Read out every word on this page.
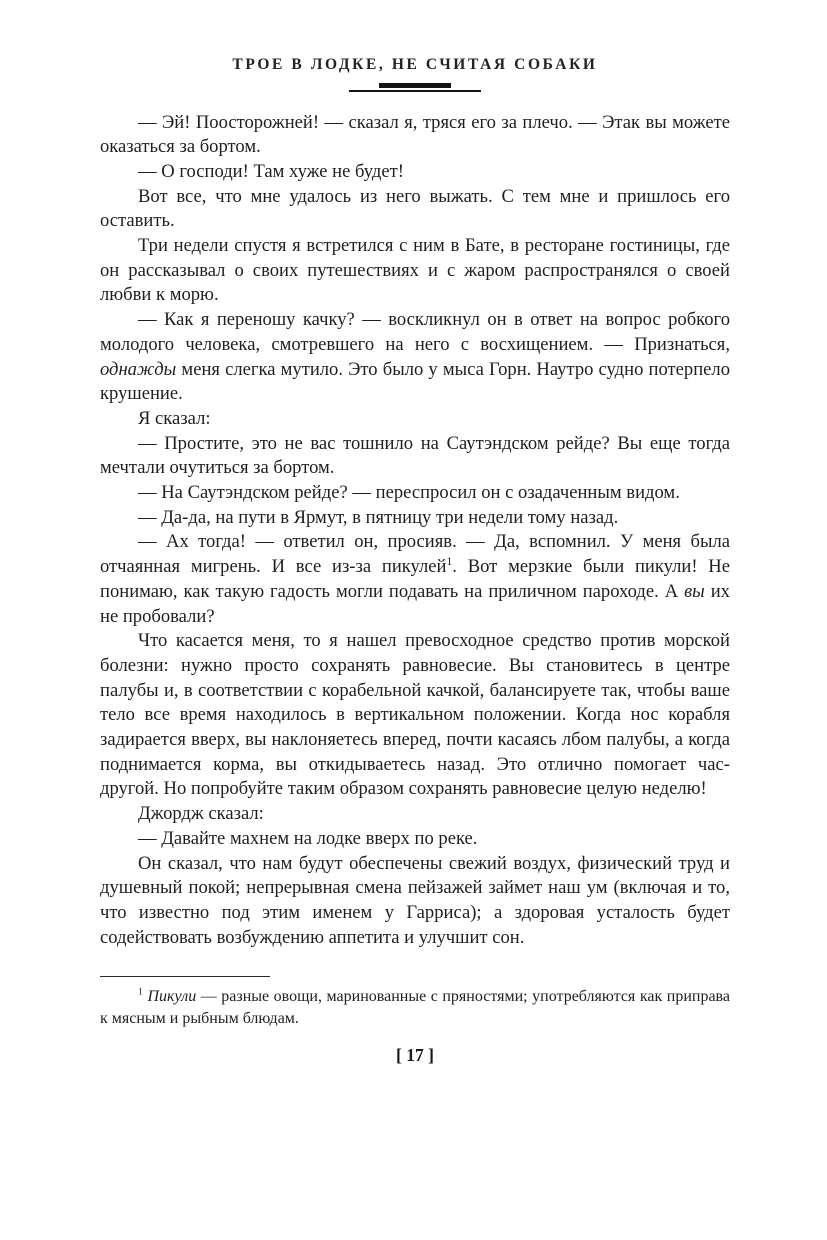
ТРОЕ В ЛОДКЕ, НЕ СЧИТАЯ СОБАКИ

— Эй! Поосторожней! — сказал я, тряся его за плечо. — Этак вы можете оказаться за бортом.

— О господи! Там хуже не будет!

Вот все, что мне удалось из него выжать. С тем мне и пришлось его оставить.

Три недели спустя я встретился с ним в Бате, в ресторане гостиницы, где он рассказывал о своих путешествиях и с жаром распространялся о своей любви к морю.

— Как я переношу качку? — воскликнул он в ответ на вопрос робкого молодого человека, смотревшего на него с восхищением. — Признаться, однажды меня слегка мутило. Это было у мыса Горн. Наутро судно потерпело крушение.

Я сказал:

— Простите, это не вас тошнило на Саутэндском рейде? Вы еще тогда мечтали очутиться за бортом.

— На Саутэндском рейде? — переспросил он с озадаченным видом.

— Да-да, на пути в Ярмут, в пятницу три недели тому назад.

— Ах тогда! — ответил он, просияв. — Да, вспомнил. У меня была отчаянная мигрень. И все из-за пикулей$^1$. Вот мерзкие были пикули! Не понимаю, как такую гадость могли подавать на приличном пароходе. А вы их не пробовали?

Что касается меня, то я нашел превосходное средство против морской болезни: нужно просто сохранять равновесие. Вы становитесь в центре палубы и, в соответствии с корабельной качкой, балансируете так, чтобы ваше тело все время находилось в вертикальном положении. Когда нос корабля задирается вверх, вы наклоняетесь вперед, почти касаясь лбом палубы, а когда поднимается корма, вы откидываетесь назад. Это отлично помогает час-другой. Но попробуйте таким образом сохранять равновесие целую неделю!

Джордж сказал:

— Давайте махнем на лодке вверх по реке.

Он сказал, что нам будут обеспечены свежий воздух, физический труд и душевный покой; непрерывная смена пейзажей займет наш ум (включая и то, что известно под этим именем у Гарриса); а здоровая усталость будет содействовать возбуждению аппетита и улучшит сон.

$^1$ Пикули — разные овощи, маринованные с пряностями; употребляются как приправа к мясным и рыбным блюдам.

[ 17 ]
